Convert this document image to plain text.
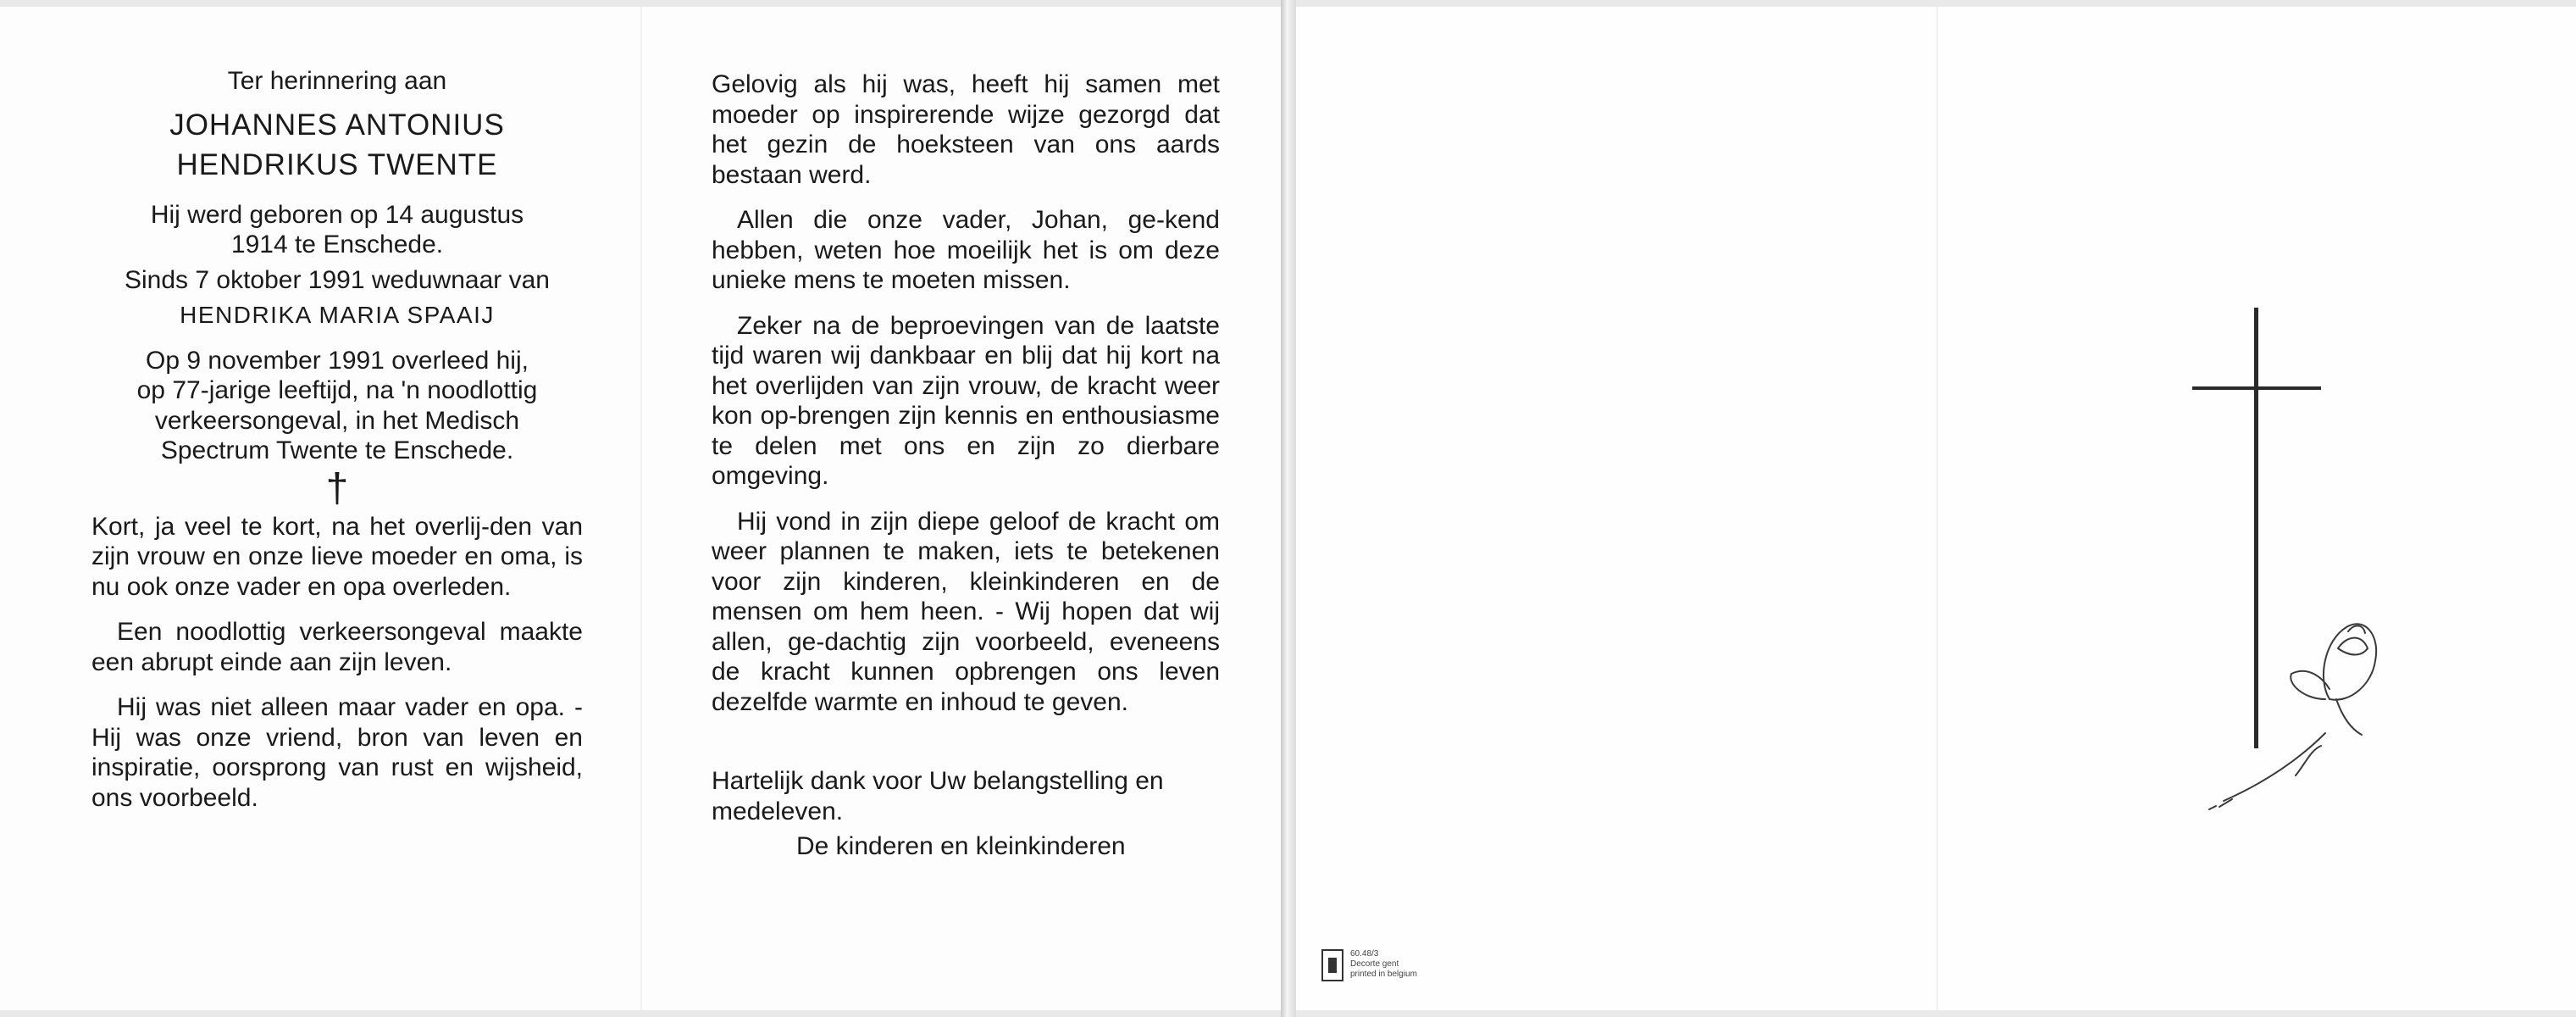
Ter herinnering aan

JOHANNES ANTONIUS

HENDRIKUS TWENTE

Hij werd geboren op 14 augustus

1914 te Enschede.

Sinds 7 oktober 1991 weduwnaar van

HENDRIKA MARIA SPAAIJ

Op 9 november 1991 overleed hij,

op 77-jarige leeftijd, na 'n noodlottig

verkeersongeval, in het Medisch

Spectrum Twente te Enschede.

†

Kort, ja veel te kort, na het overlij-den van zijn vrouw en onze lieve moeder en oma, is nu ook onze vader en opa overleden.

Een noodlottig verkeersongeval maakte een abrupt einde aan zijn leven.

Hij was niet alleen maar vader en opa. - Hij was onze vriend, bron van leven en inspiratie, oorsprong van rust en wijsheid, ons voorbeeld.

Gelovig als hij was, heeft hij samen met moeder op inspirerende wijze gezorgd dat het gezin de hoeksteen van ons aards bestaan werd.

Allen die onze vader, Johan, ge-kend hebben, weten hoe moeilijk het is om deze unieke mens te moeten missen.

Zeker na de beproevingen van de laatste tijd waren wij dankbaar en blij dat hij kort na het overlijden van zijn vrouw, de kracht weer kon op-brengen zijn kennis en enthousiasme te delen met ons en zijn zo dierbare omgeving.

Hij vond in zijn diepe geloof de kracht om weer plannen te maken, iets te betekenen voor zijn kinderen, kleinkinderen en de mensen om hem heen. - Wij hopen dat wij allen, ge-dachtig zijn voorbeeld, eveneens de kracht kunnen opbrengen ons leven dezelfde warmte en inhoud te geven.

Hartelijk dank voor Uw belangstelling en medeleven.

De kinderen en kleinkinderen

60.48/3
Decorte gent
printed in belgium
